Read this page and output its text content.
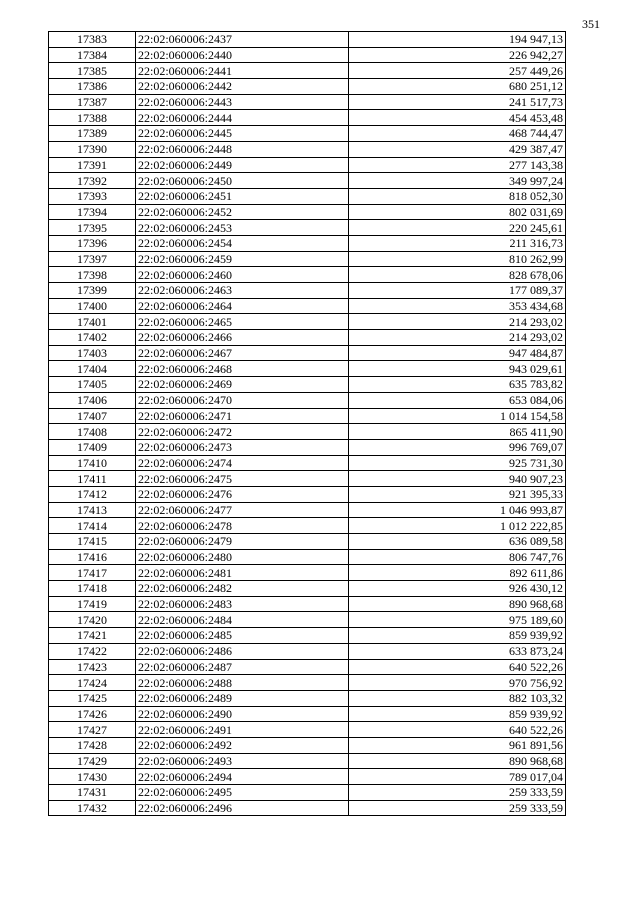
351
17383	22:02:060006:2437	194 947,13
17384	22:02:060006:2440	226 942,27
17385	22:02:060006:2441	257 449,26
17386	22:02:060006:2442	680 251,12
17387	22:02:060006:2443	241 517,73
17388	22:02:060006:2444	454 453,48
17389	22:02:060006:2445	468 744,47
17390	22:02:060006:2448	429 387,47
17391	22:02:060006:2449	277 143,38
17392	22:02:060006:2450	349 997,24
17393	22:02:060006:2451	818 052,30
17394	22:02:060006:2452	802 031,69
17395	22:02:060006:2453	220 245,61
17396	22:02:060006:2454	211 316,73
17397	22:02:060006:2459	810 262,99
17398	22:02:060006:2460	828 678,06
17399	22:02:060006:2463	177 089,37
17400	22:02:060006:2464	353 434,68
17401	22:02:060006:2465	214 293,02
17402	22:02:060006:2466	214 293,02
17403	22:02:060006:2467	947 484,87
17404	22:02:060006:2468	943 029,61
17405	22:02:060006:2469	635 783,82
17406	22:02:060006:2470	653 084,06
17407	22:02:060006:2471	1 014 154,58
17408	22:02:060006:2472	865 411,90
17409	22:02:060006:2473	996 769,07
17410	22:02:060006:2474	925 731,30
17411	22:02:060006:2475	940 907,23
17412	22:02:060006:2476	921 395,33
17413	22:02:060006:2477	1 046 993,87
17414	22:02:060006:2478	1 012 222,85
17415	22:02:060006:2479	636 089,58
17416	22:02:060006:2480	806 747,76
17417	22:02:060006:2481	892 611,86
17418	22:02:060006:2482	926 430,12
17419	22:02:060006:2483	890 968,68
17420	22:02:060006:2484	975 189,60
17421	22:02:060006:2485	859 939,92
17422	22:02:060006:2486	633 873,24
17423	22:02:060006:2487	640 522,26
17424	22:02:060006:2488	970 756,92
17425	22:02:060006:2489	882 103,32
17426	22:02:060006:2490	859 939,92
17427	22:02:060006:2491	640 522,26
17428	22:02:060006:2492	961 891,56
17429	22:02:060006:2493	890 968,68
17430	22:02:060006:2494	789 017,04
17431	22:02:060006:2495	259 333,59
17432	22:02:060006:2496	259 333,59
